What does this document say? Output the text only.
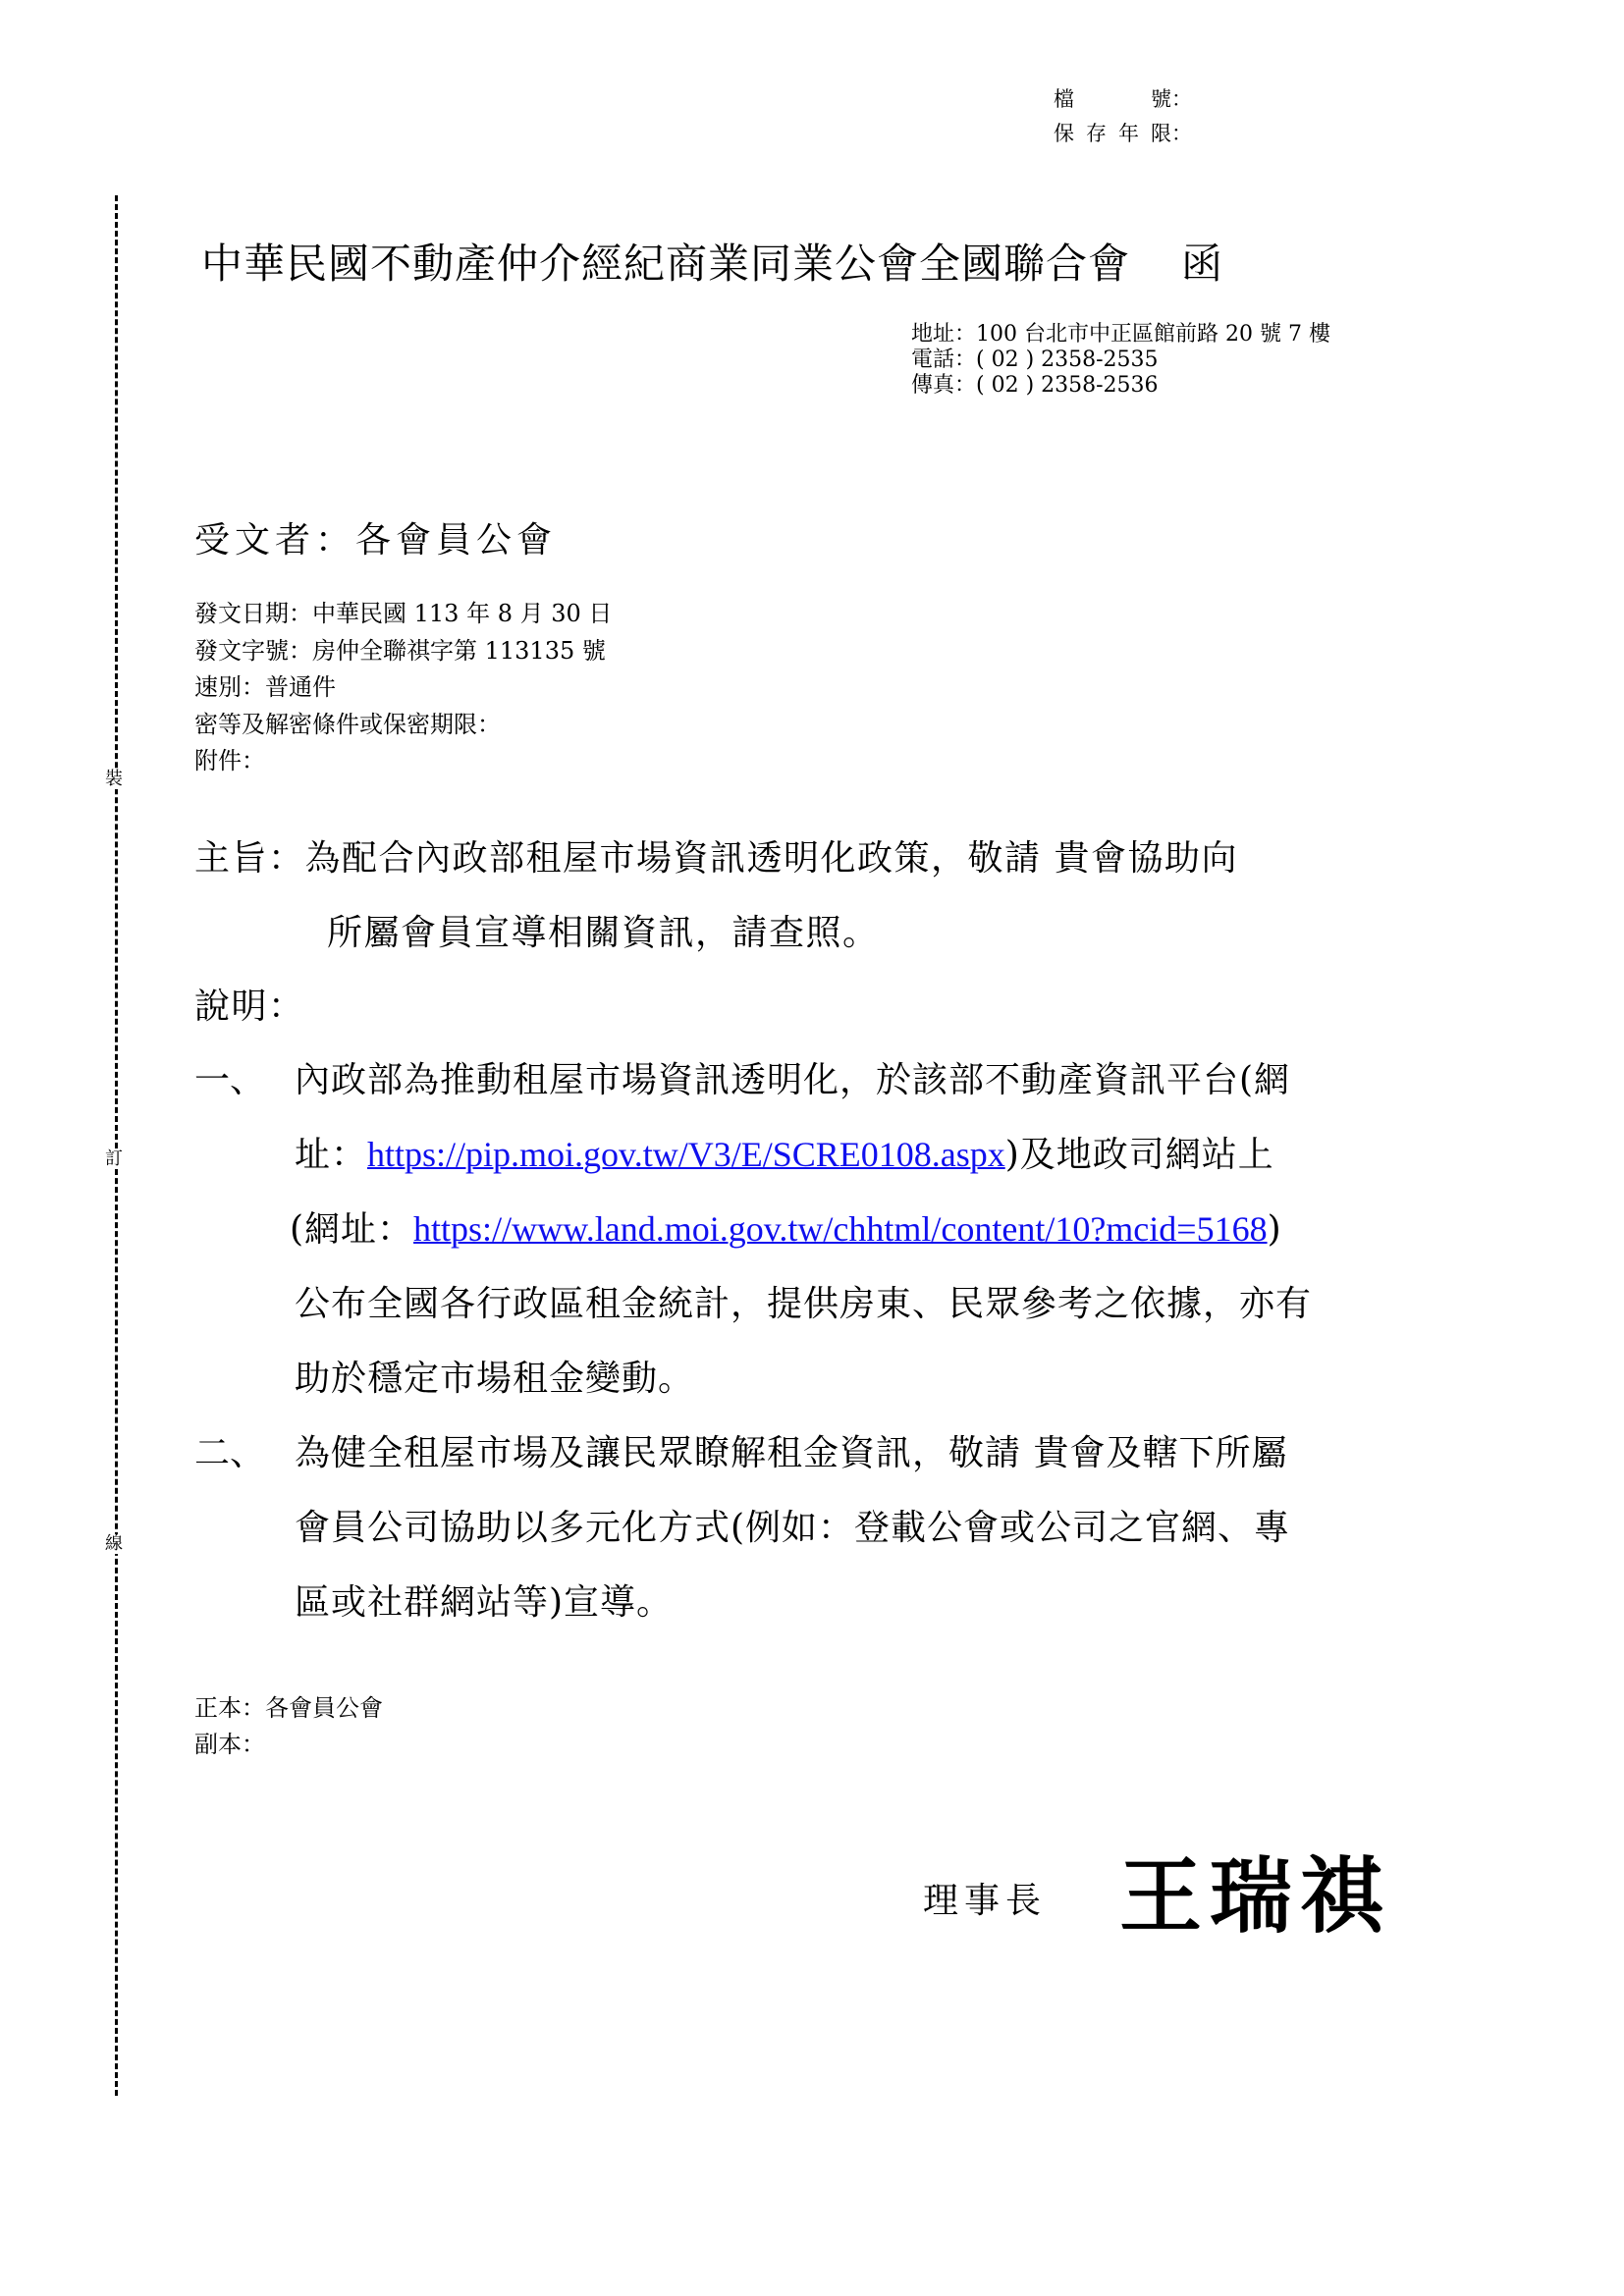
裝
訂
線
檔號 ：
保存年限 ：
中華民國不動產仲介經紀商業同業公會全國聯合會 函
地址：100 台北市中正區館前路 20 號 7 樓
電話：( 02 ) 2358-2535
傳真：( 02 ) 2358-2536
受文者：各會員公會
發文日期：中華民國 113 年 8 月 30 日
發文字號：房仲全聯祺字第 113135 號
速別：普通件
密等及解密條件或保密期限：
附件：
主旨：為配合內政部租屋市場資訊透明化政策，敬請 貴會協助向
所屬會員宣導相關資訊，請查照。
說明：
一、 內政部為推動租屋市場資訊透明化，於該部不動產資訊平台(網
址：https://pip.moi.gov.tw/V3/E/SCRE0108.aspx)及地政司網站上
(網址：https://www.land.moi.gov.tw/chhtml/content/10?mcid=5168)
公布全國各行政區租金統計，提供房東、民眾參考之依據，亦有
助於穩定市場租金變動。
二、 為健全租屋市場及讓民眾瞭解租金資訊，敬請 貴會及轄下所屬
會員公司協助以多元化方式(例如：登載公會或公司之官網、專
區或社群網站等)宣導。
正本：各會員公會
副本：
理事長 王瑞祺
